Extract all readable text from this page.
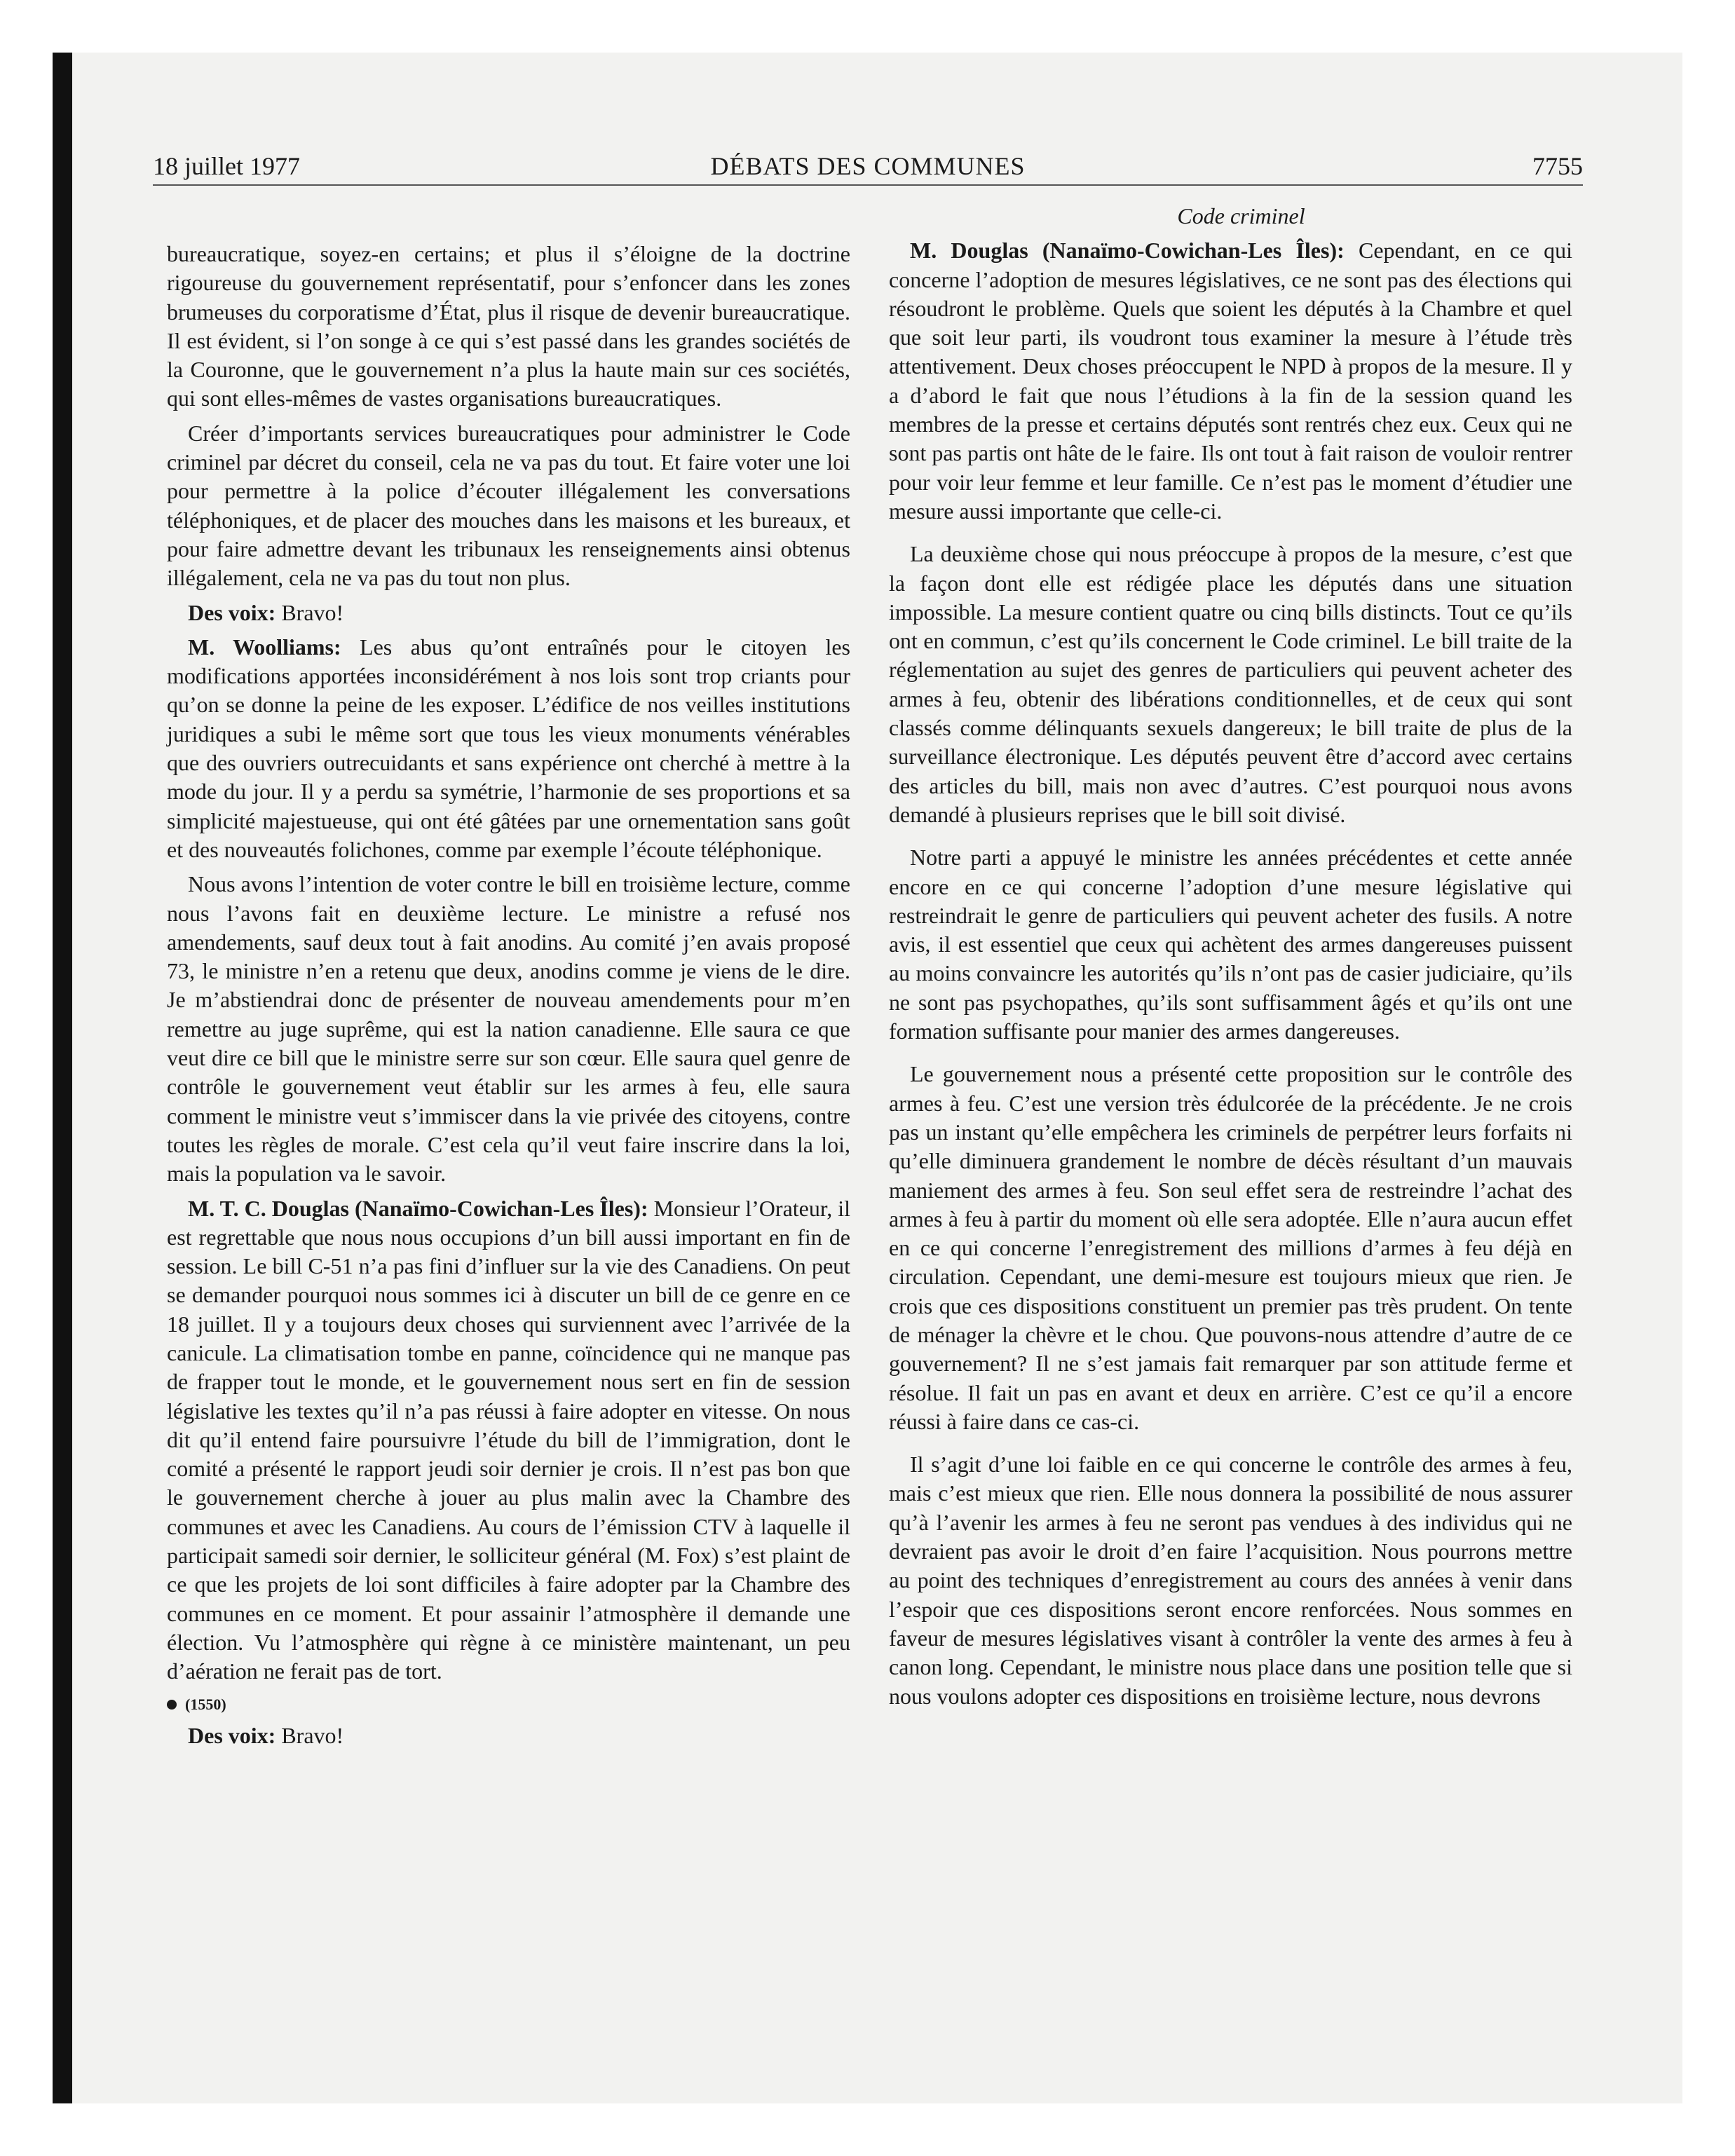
18 juillet 1977	DÉBATS DES COMMUNES	7755

bureaucratique, soyez-en certains; et plus il s’éloigne de la doctrine rigoureuse du gouvernement représentatif, pour s’enfoncer dans les zones brumeuses du corporatisme d’État, plus il risque de devenir bureaucratique. Il est évident, si l’on songe à ce qui s’est passé dans les grandes sociétés de la Couronne, que le gouvernement n’a plus la haute main sur ces sociétés, qui sont elles-mêmes de vastes organisations bureaucratiques.

Créer d’importants services bureaucratiques pour administrer le Code criminel par décret du conseil, cela ne va pas du tout. Et faire voter une loi pour permettre à la police d’écouter illégalement les conversations téléphoniques, et de placer des mouches dans les maisons et les bureaux, et pour faire admettre devant les tribunaux les renseignements ainsi obtenus illégalement, cela ne va pas du tout non plus.

Des voix: Bravo!

M. Woolliams: Les abus qu’ont entraînés pour le citoyen les modifications apportées inconsidérément à nos lois sont trop criants pour qu’on se donne la peine de les exposer. L’édifice de nos veilles institutions juridiques a subi le même sort que tous les vieux monuments vénérables que des ouvriers outrecuidants et sans expérience ont cherché à mettre à la mode du jour. Il y a perdu sa symétrie, l’harmonie de ses proportions et sa simplicité majestueuse, qui ont été gâtées par une ornementation sans goût et des nouveautés folichones, comme par exemple l’écoute téléphonique.

Nous avons l’intention de voter contre le bill en troisième lecture, comme nous l’avons fait en deuxième lecture. Le ministre a refusé nos amendements, sauf deux tout à fait anodins. Au comité j’en avais proposé 73, le ministre n’en a retenu que deux, anodins comme je viens de le dire. Je m’abstiendrai donc de présenter de nouveau amendements pour m’en remettre au juge suprême, qui est la nation canadienne. Elle saura ce que veut dire ce bill que le ministre serre sur son cœur. Elle saura quel genre de contrôle le gouvernement veut établir sur les armes à feu, elle saura comment le ministre veut s’immiscer dans la vie privée des citoyens, contre toutes les règles de morale. C’est cela qu’il veut faire inscrire dans la loi, mais la population va le savoir.

M. T. C. Douglas (Nanaïmo-Cowichan-Les Îles): Monsieur l’Orateur, il est regrettable que nous nous occupions d’un bill aussi important en fin de session. Le bill C-51 n’a pas fini d’influer sur la vie des Canadiens. On peut se demander pourquoi nous sommes ici à discuter un bill de ce genre en ce 18 juillet. Il y a toujours deux choses qui surviennent avec l’arrivée de la canicule. La climatisation tombe en panne, coïncidence qui ne manque pas de frapper tout le monde, et le gouvernement nous sert en fin de session législative les textes qu’il n’a pas réussi à faire adopter en vitesse. On nous dit qu’il entend faire poursuivre l’étude du bill de l’immigration, dont le comité a présenté le rapport jeudi soir dernier je crois. Il n’est pas bon que le gouvernement cherche à jouer au plus malin avec la Chambre des communes et avec les Canadiens. Au cours de l’émission CTV à laquelle il participait samedi soir dernier, le solliciteur général (M. Fox) s’est plaint de ce que les projets de loi sont difficiles à faire adopter par la Chambre des communes en ce moment. Et pour assainir l’atmosphère il demande une élection. Vu l’atmosphère qui règne à ce ministère maintenant, un peu d’aération ne ferait pas de tort.

(1550)

Des voix: Bravo!

Code criminel

M. Douglas (Nanaïmo-Cowichan-Les Îles): Cependant, en ce qui concerne l’adoption de mesures législatives, ce ne sont pas des élections qui résoudront le problème. Quels que soient les députés à la Chambre et quel que soit leur parti, ils voudront tous examiner la mesure à l’étude très attentivement. Deux choses préoccupent le NPD à propos de la mesure. Il y a d’abord le fait que nous l’étudions à la fin de la session quand les membres de la presse et certains députés sont rentrés chez eux. Ceux qui ne sont pas partis ont hâte de le faire. Ils ont tout à fait raison de vouloir rentrer pour voir leur femme et leur famille. Ce n’est pas le moment d’étudier une mesure aussi importante que celle-ci.

La deuxième chose qui nous préoccupe à propos de la mesure, c’est que la façon dont elle est rédigée place les députés dans une situation impossible. La mesure contient quatre ou cinq bills distincts. Tout ce qu’ils ont en commun, c’est qu’ils concernent le Code criminel. Le bill traite de la réglementation au sujet des genres de particuliers qui peuvent acheter des armes à feu, obtenir des libérations conditionnelles, et de ceux qui sont classés comme délinquants sexuels dangereux; le bill traite de plus de la surveillance électronique. Les députés peuvent être d’accord avec certains des articles du bill, mais non avec d’autres. C’est pourquoi nous avons demandé à plusieurs reprises que le bill soit divisé.

Notre parti a appuyé le ministre les années précédentes et cette année encore en ce qui concerne l’adoption d’une mesure législative qui restreindrait le genre de particuliers qui peuvent acheter des fusils. A notre avis, il est essentiel que ceux qui achètent des armes dangereuses puissent au moins convaincre les autorités qu’ils n’ont pas de casier judiciaire, qu’ils ne sont pas psychopathes, qu’ils sont suffisamment âgés et qu’ils ont une formation suffisante pour manier des armes dangereuses.

Le gouvernement nous a présenté cette proposition sur le contrôle des armes à feu. C’est une version très édulcorée de la précédente. Je ne crois pas un instant qu’elle empêchera les criminels de perpétrer leurs forfaits ni qu’elle diminuera grandement le nombre de décès résultant d’un mauvais maniement des armes à feu. Son seul effet sera de restreindre l’achat des armes à feu à partir du moment où elle sera adoptée. Elle n’aura aucun effet en ce qui concerne l’enregistrement des millions d’armes à feu déjà en circulation. Cependant, une demi-mesure est toujours mieux que rien. Je crois que ces dispositions constituent un premier pas très prudent. On tente de ménager la chèvre et le chou. Que pouvons-nous attendre d’autre de ce gouvernement? Il ne s’est jamais fait remarquer par son attitude ferme et résolue. Il fait un pas en avant et deux en arrière. C’est ce qu’il a encore réussi à faire dans ce cas-ci.

Il s’agit d’une loi faible en ce qui concerne le contrôle des armes à feu, mais c’est mieux que rien. Elle nous donnera la possibilité de nous assurer qu’à l’avenir les armes à feu ne seront pas vendues à des individus qui ne devraient pas avoir le droit d’en faire l’acquisition. Nous pourrons mettre au point des techniques d’enregistrement au cours des années à venir dans l’espoir que ces dispositions seront encore renforcées. Nous sommes en faveur de mesures législatives visant à contrôler la vente des armes à feu à canon long. Cependant, le ministre nous place dans une position telle que si nous voulons adopter ces dispositions en troisième lecture, nous devrons
